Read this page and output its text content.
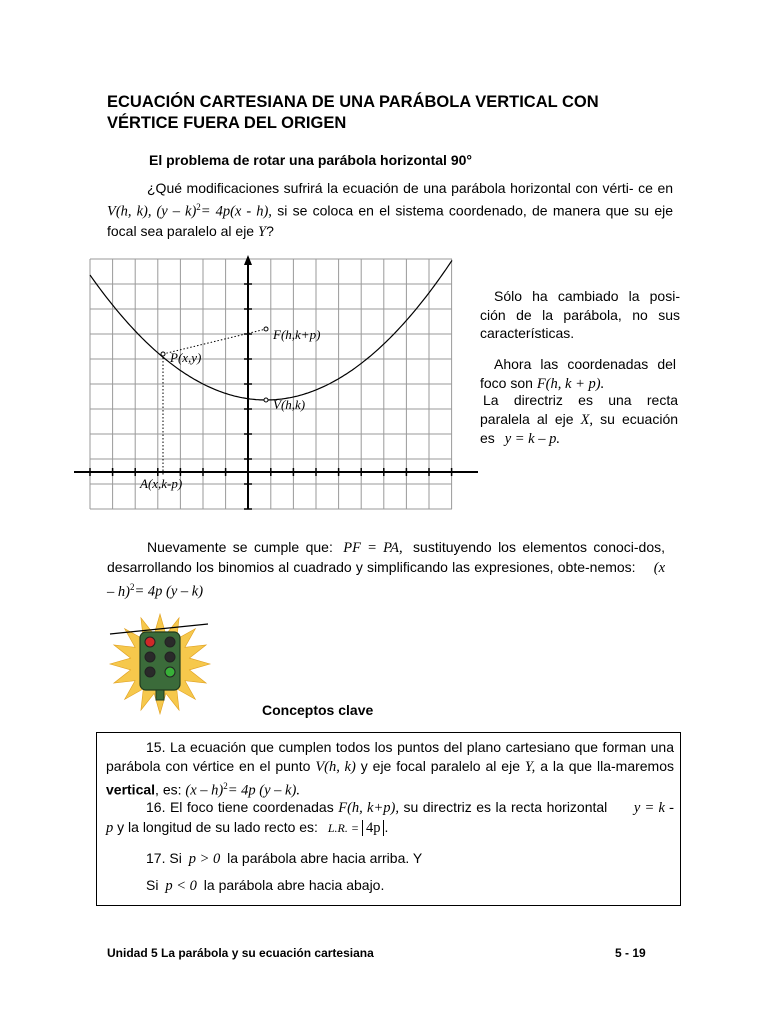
ECUACIÓN CARTESIANA DE UNA PARÁBOLA VERTICAL CON
VÉRTICE FUERA DEL ORIGEN
El problema de rotar una parábola horizontal 90°
¿Qué modificaciones sufrirá la ecuación de una parábola horizontal con vérti- ce en V(h, k), (y – k)$^2$= 4p(x - h), si se coloca en el sistema coordenado, de manera que su eje focal sea paralelo al eje Y?
F(h,k+p)
P(x,y)
V(h,k)
A(x,k-p)
Sólo ha cambiado la posi-ción de la parábola, no sus características.
Ahora las coordenadas del foco son F(h, k + p).
La directriz es una recta paralela al eje X, su ecuación es y = k – p.
Nuevamente se cumple que: PF = PA, sustituyendo los elementos conoci-dos, desarrollando los binomios al cuadrado y simplificando las expresiones, obte-nemos: (x – h)$^2$= 4p (y – k)
Conceptos clave
15. La ecuación que cumplen todos los puntos del plano cartesiano que forman una parábola con vértice en el punto V(h, k) y eje focal paralelo al eje Y, a la que lla-maremos vertical, es: (x – h)$^2$= 4p (y – k).
16. El foco tiene coordenadas F(h, k+p), su directriz es la recta horizontal y = k - p y la longitud de su lado recto es: L.R. = 4p .
17. Si p > 0 la parábola abre hacia arriba. Y
Si p < 0 la parábola abre hacia abajo.
Unidad 5 La parábola y su ecuación cartesiana	5 - 19
